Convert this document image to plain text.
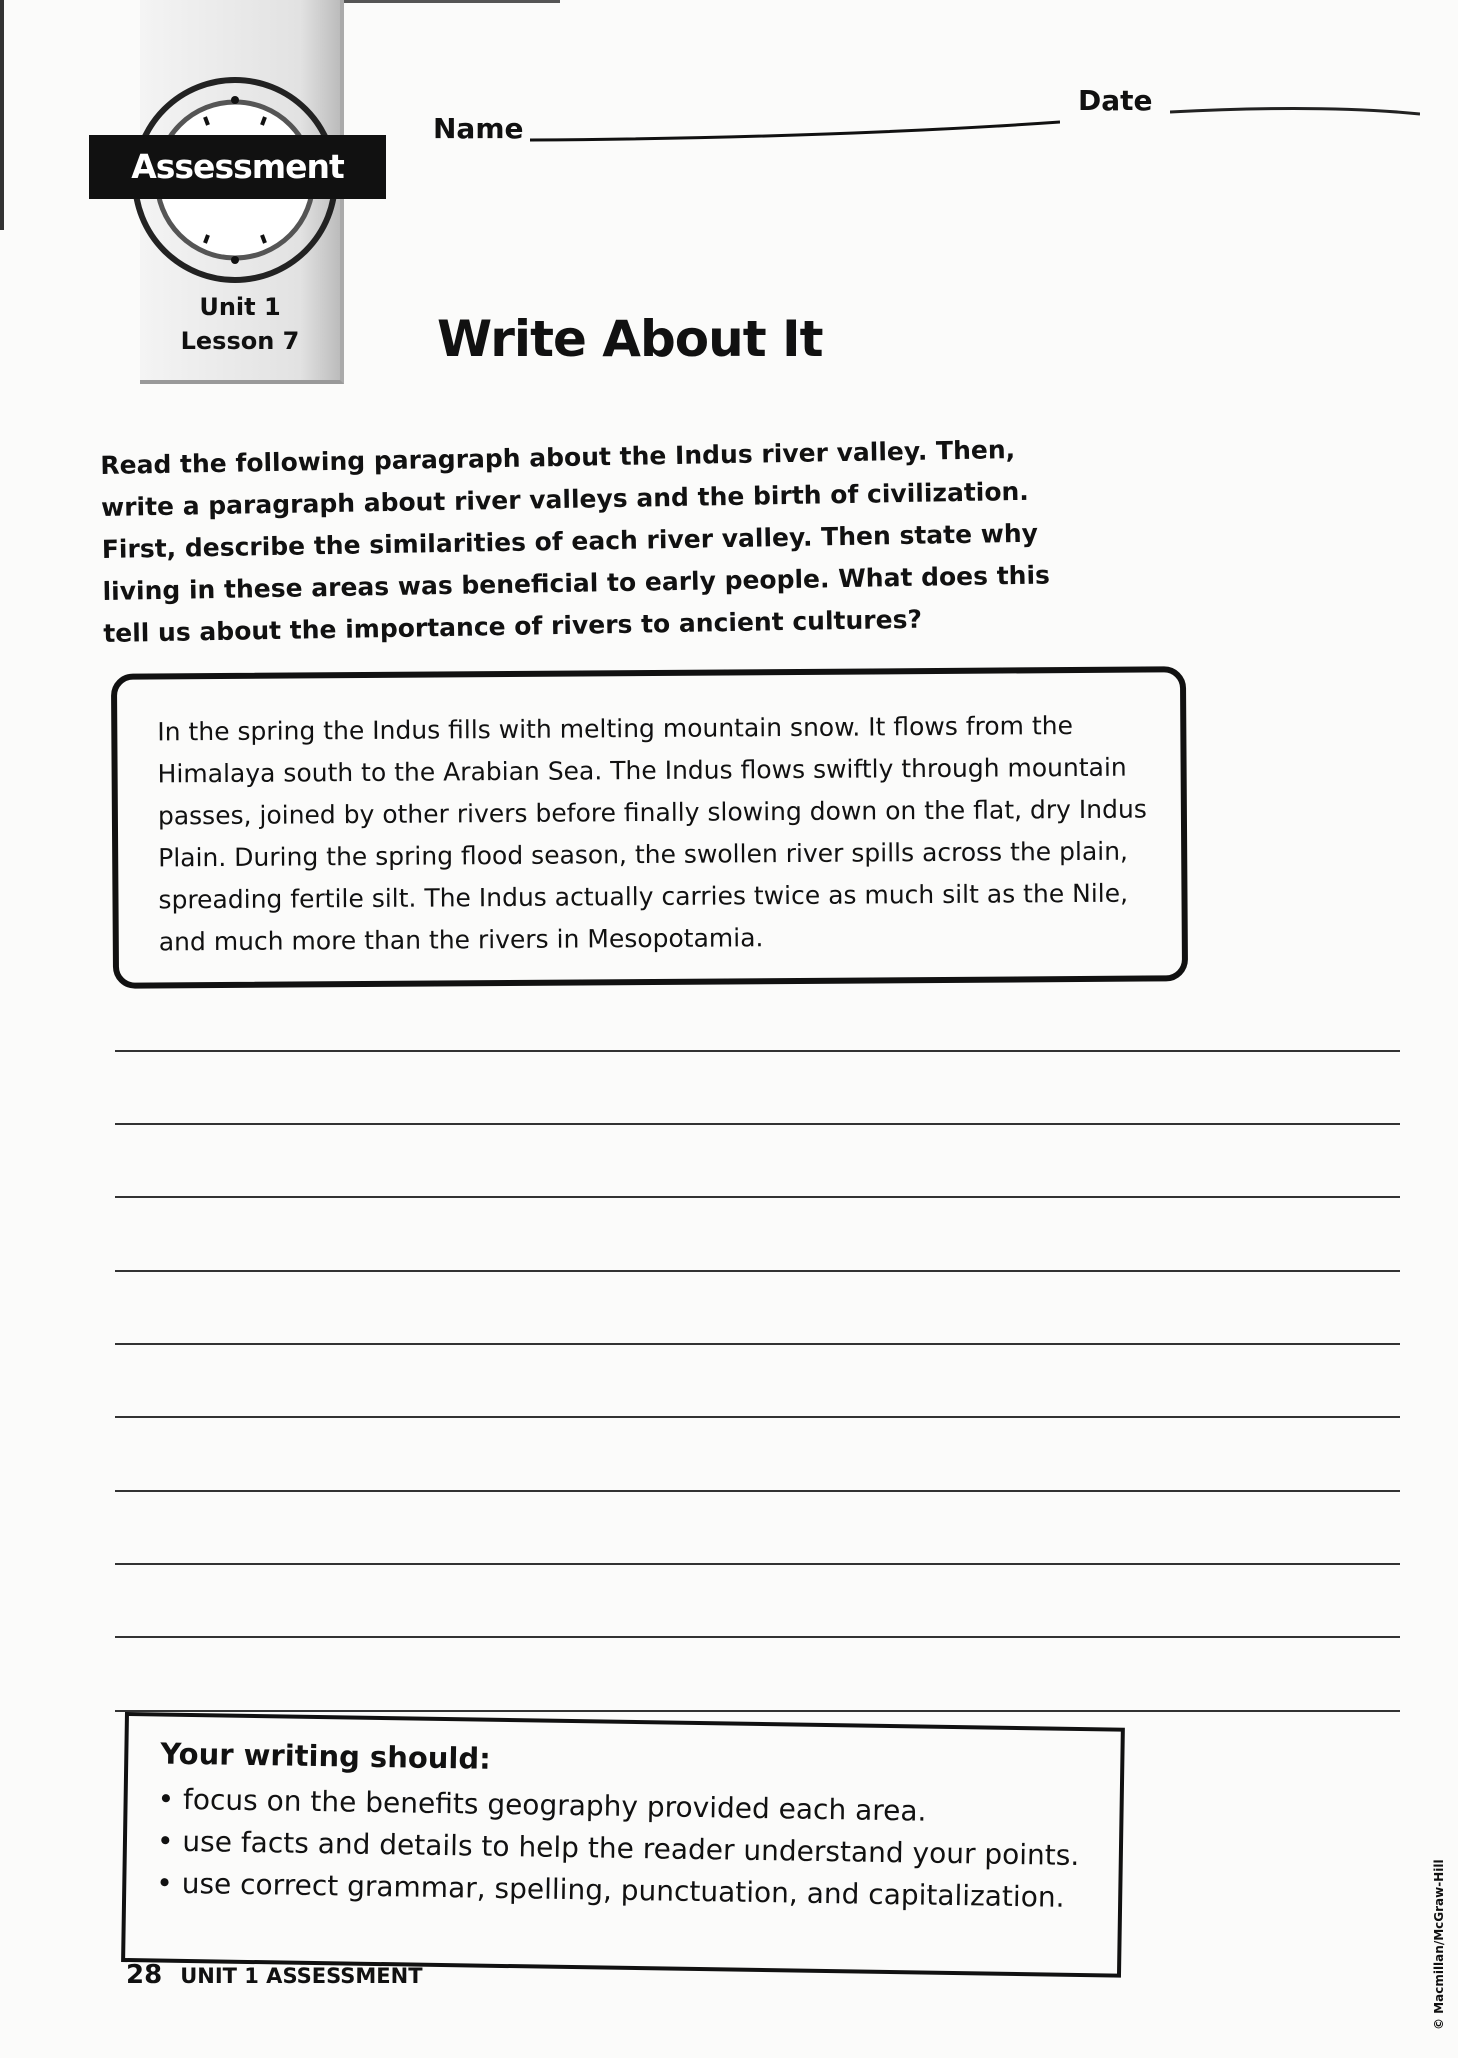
Assessment
Unit 1
Lesson 7
Name
Date
Write About It
Read the following paragraph about the Indus river valley. Then, write a paragraph about river valleys and the birth of civilization. First, describe the similarities of each river valley. Then state why living in these areas was beneficial to early people. What does this tell us about the importance of rivers to ancient cultures?
In the spring the Indus fills with melting mountain snow. It flows from the Himalaya south to the Arabian Sea. The Indus flows swiftly through mountain passes, joined by other rivers before finally slowing down on the flat, dry Indus Plain. During the spring flood season, the swollen river spills across the plain, spreading fertile silt. The Indus actually carries twice as much silt as the Nile, and much more than the rivers in Mesopotamia.
Your writing should:
• focus on the benefits geography provided each area.
• use facts and details to help the reader understand your points.
• use correct grammar, spelling, punctuation, and capitalization.
28 UNIT 1 ASSESSMENT	© Macmillan/McGraw-Hill
